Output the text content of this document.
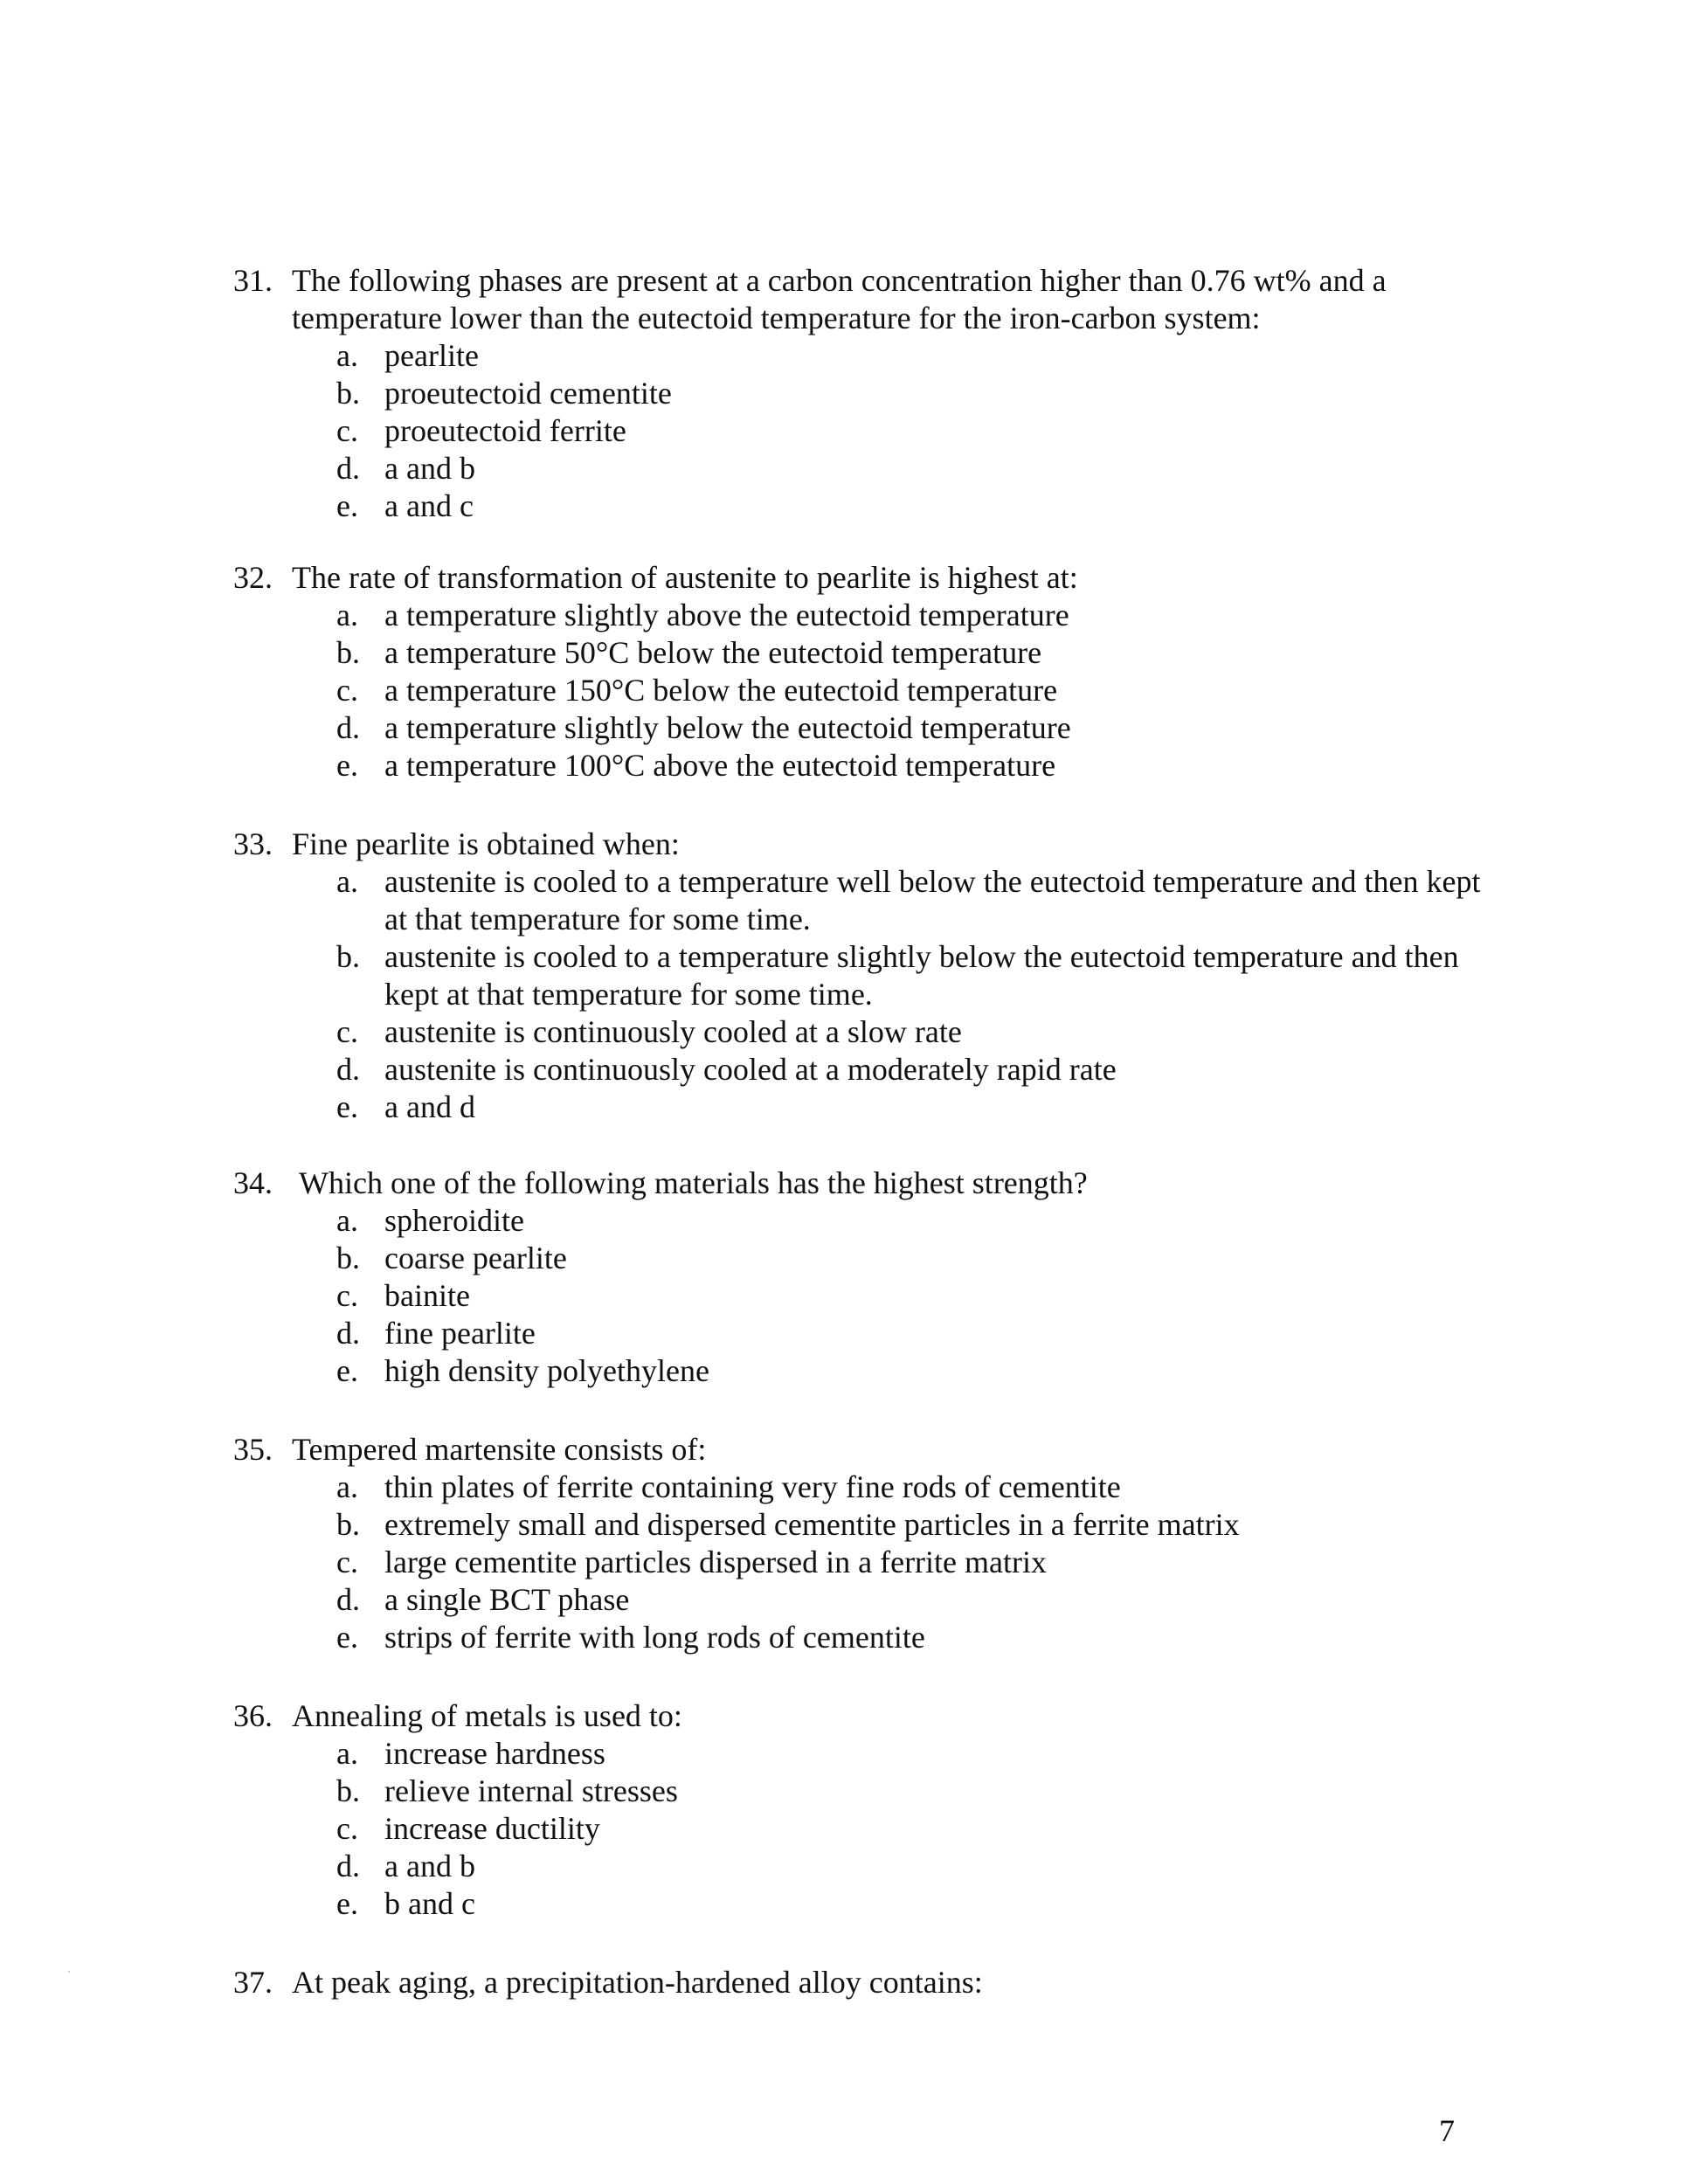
31. The following phases are present at a carbon concentration higher than 0.76 wt% and a temperature lower than the eutectoid temperature for the iron-carbon system:
a. pearlite
b. proeutectoid cementite
c. proeutectoid ferrite
d. a and b
e. a and c
32. The rate of transformation of austenite to pearlite is highest at:
a. a temperature slightly above the eutectoid temperature
b. a temperature 50°C below the eutectoid temperature
c. a temperature 150°C below the eutectoid temperature
d. a temperature slightly below the eutectoid temperature
e. a temperature 100°C above the eutectoid temperature
33. Fine pearlite is obtained when:
a. austenite is cooled to a temperature well below the eutectoid temperature and then kept at that temperature for some time.
b. austenite is cooled to a temperature slightly below the eutectoid temperature and then kept at that temperature for some time.
c. austenite is continuously cooled at a slow rate
d. austenite is continuously cooled at a moderately rapid rate
e. a and d
34. Which one of the following materials has the highest strength?
a. spheroidite
b. coarse pearlite
c. bainite
d. fine pearlite
e. high density polyethylene
35. Tempered martensite consists of:
a. thin plates of ferrite containing very fine rods of cementite
b. extremely small and dispersed cementite particles in a ferrite matrix
c. large cementite particles dispersed in a ferrite matrix
d. a single BCT phase
e. strips of ferrite with long rods of cementite
36. Annealing of metals is used to:
a. increase hardness
b. relieve internal stresses
c. increase ductility
d. a and b
e. b and c
37. At peak aging, a precipitation-hardened alloy contains:
7
